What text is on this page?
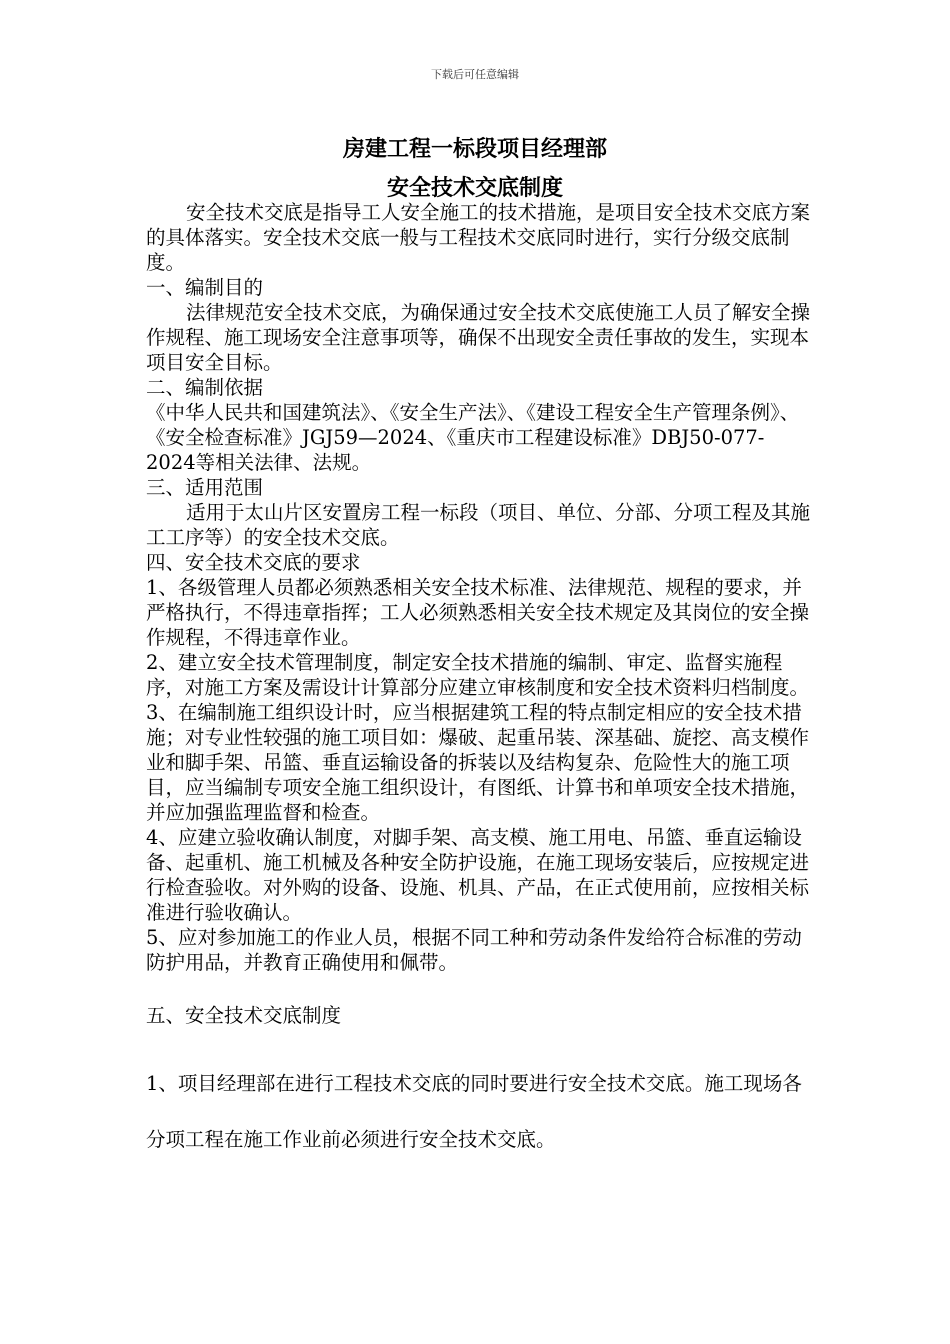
下载后可任意编辑
房建工程一标段项目经理部
安全技术交底制度

安全技术交底是指导工人安全施工的技术措施，是项目安全技术交底方案的具体落实。安全技术交底一般与工程技术交底同时进行，实行分级交底制度。

一、编制目的

法律规范安全技术交底，为确保通过安全技术交底使施工人员了解安全操作规程、施工现场安全注意事项等，确保不出现安全责任事故的发生，实现本项目安全目标。

二、编制依据

《中华人民共和国建筑法》、《安全生产法》、《建设工程安全生产管理条例》、《安全检查标准》JGJ59—2024、《重庆市工程建设标准》DBJ50-077-2024等相关法律、法规。

三、适用范围

适用于太山片区安置房工程一标段（项目、单位、分部、分项工程及其施工工序等）的安全技术交底。

四、安全技术交底的要求

1、各级管理人员都必须熟悉相关安全技术标准、法律规范、规程的要求，并严格执行，不得违章指挥；工人必须熟悉相关安全技术规定及其岗位的安全操作规程，不得违章作业。

2、建立安全技术管理制度，制定安全技术措施的编制、审定、监督实施程序，对施工方案及需设计计算部分应建立审核制度和安全技术资料归档制度。

3、在编制施工组织设计时，应当根据建筑工程的特点制定相应的安全技术措施；对专业性较强的施工项目如：爆破、起重吊装、深基础、旋挖、高支模作业和脚手架、吊篮、垂直运输设备的拆装以及结构复杂、危险性大的施工项目，应当编制专项安全施工组织设计，有图纸、计算书和单项安全技术措施，并应加强监理监督和检查。

4、应建立验收确认制度，对脚手架、高支模、施工用电、吊篮、垂直运输设备、起重机、施工机械及各种安全防护设施，在施工现场安装后，应按规定进行检查验收。对外购的设备、设施、机具、产品，在正式使用前，应按相关标准进行验收确认。

5、应对参加施工的作业人员，根据不同工种和劳动条件发给符合标准的劳动防护用品，并教育正确使用和佩带。

五、安全技术交底制度

1、项目经理部在进行工程技术交底的同时要进行安全技术交底。施工现场各分项工程在施工作业前必须进行安全技术交底。
